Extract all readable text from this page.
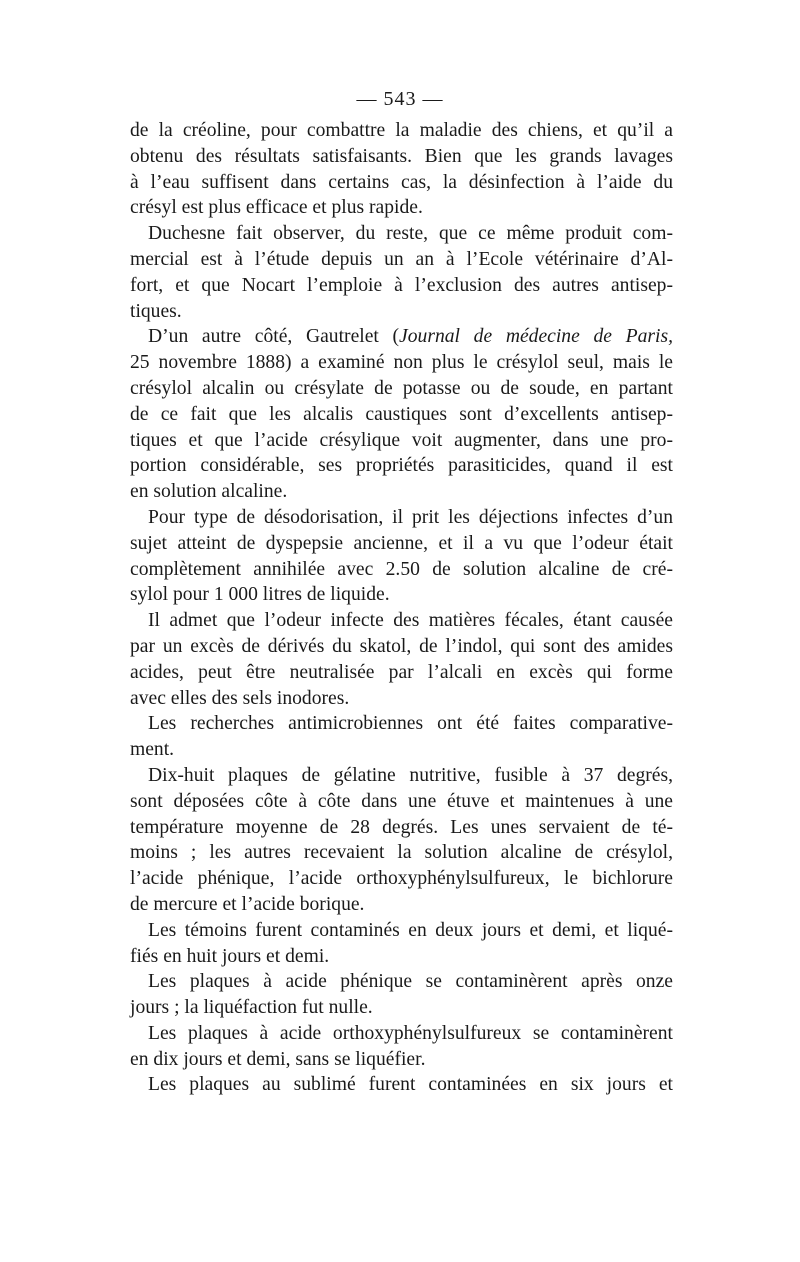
— 543 —
de la créoline, pour combattre la maladie des chiens, et qu’il a
obtenu des résultats satisfaisants. Bien que les grands lavages
à l’eau suffisent dans certains cas, la désinfection à l’aide du
crésyl est plus efficace et plus rapide.
Duchesne fait observer, du reste, que ce même produit com-
mercial est à l’étude depuis un an à l’Ecole vétérinaire d’Al-
fort, et que Nocart l’emploie à l’exclusion des autres antisep-
tiques.
D’un autre côté, Gautrelet (Journal de médecine de Paris,
25 novembre 1888) a examiné non plus le crésylol seul, mais le
crésylol alcalin ou crésylate de potasse ou de soude, en partant
de ce fait que les alcalis caustiques sont d’excellents antisep-
tiques et que l’acide crésylique voit augmenter, dans une pro-
portion considérable, ses propriétés parasiticides, quand il est
en solution alcaline.
Pour type de désodorisation, il prit les déjections infectes d’un
sujet atteint de dyspepsie ancienne, et il a vu que l’odeur était
complètement annihilée avec 2.50 de solution alcaline de cré-
sylol pour 1 000 litres de liquide.
Il admet que l’odeur infecte des matières fécales, étant causée
par un excès de dérivés du skatol, de l’indol, qui sont des amides
acides, peut être neutralisée par l’alcali en excès qui forme
avec elles des sels inodores.
Les recherches antimicrobiennes ont été faites comparative-
ment.
Dix-huit plaques de gélatine nutritive, fusible à 37 degrés,
sont déposées côte à côte dans une étuve et maintenues à une
température moyenne de 28 degrés. Les unes servaient de té-
moins ; les autres recevaient la solution alcaline de crésylol,
l’acide phénique, l’acide orthoxyphénylsulfureux, le bichlorure
de mercure et l’acide borique.
Les témoins furent contaminés en deux jours et demi, et liqué-
fiés en huit jours et demi.
Les plaques à acide phénique se contaminèrent après onze
jours ; la liquéfaction fut nulle.
Les plaques à acide orthoxyphénylsulfureux se contaminèrent
en dix jours et demi, sans se liquéfier.
Les plaques au sublimé furent contaminées en six jours et
